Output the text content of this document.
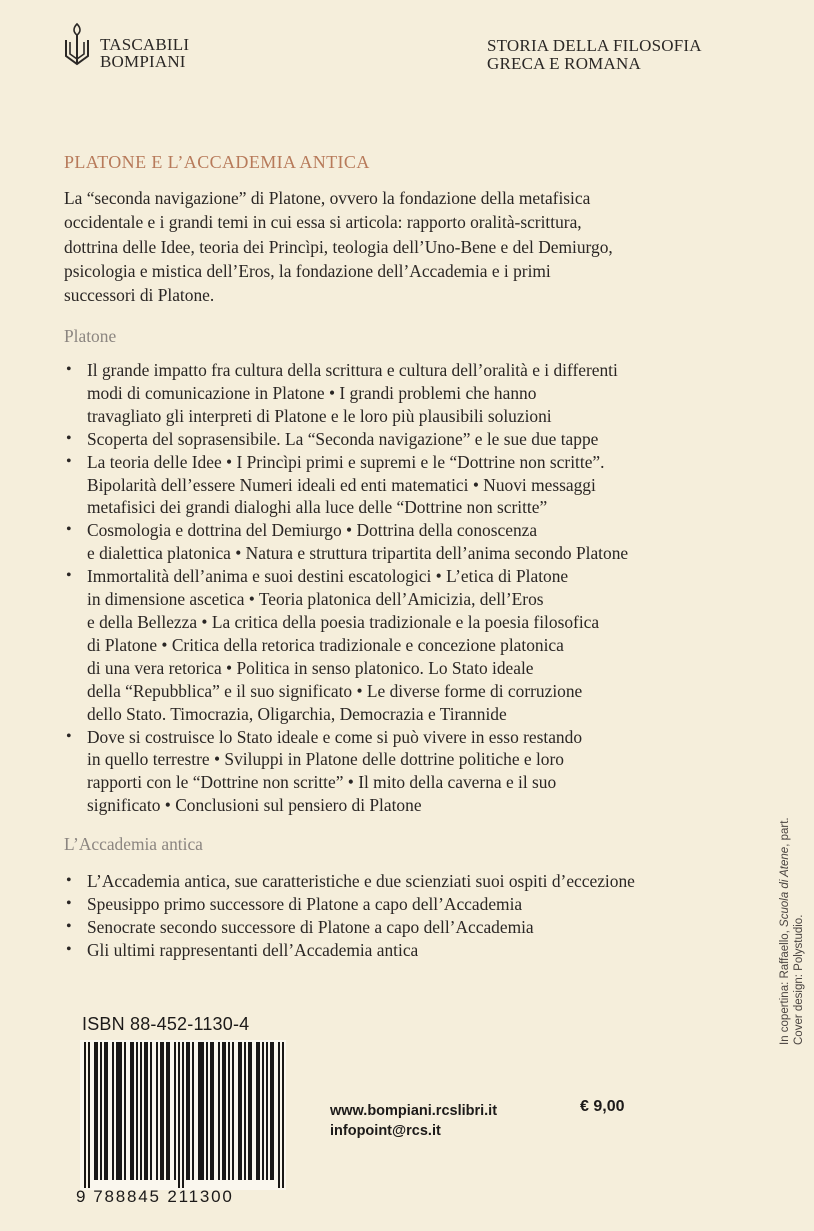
TASCABILI
BOMPIANI
STORIA DELLA FILOSOFIA
GRECA E ROMANA
PLATONE E L’ACCADEMIA ANTICA

La “seconda navigazione” di Platone, ovvero la fondazione della metafisica

occidentale e i grandi temi in cui essa si articola: rapporto oralità-scrittura,

dottrina delle Idee, teoria dei Princìpi, teologia dell’Uno-Bene e del Demiurgo,

psicologia e mistica dell’Eros, la fondazione dell’Accademia e i primi

successori di Platone.

Platone
• Il grande impatto fra cultura della scrittura e cultura dell’oralità e i differenti
modi di comunicazione in Platone • I grandi problemi che hanno
travagliato gli interpreti di Platone e le loro più plausibili soluzioni
• Scoperta del soprasensibile. La “Seconda navigazione” e le sue due tappe
• La teoria delle Idee • I Princìpi primi e supremi e le “Dottrine non scritte”.
Bipolarità dell’essere Numeri ideali ed enti matematici • Nuovi messaggi
metafisici dei grandi dialoghi alla luce delle “Dottrine non scritte”
• Cosmologia e dottrina del Demiurgo • Dottrina della conoscenza
e dialettica platonica • Natura e struttura tripartita dell’anima secondo Platone
• Immortalità dell’anima e suoi destini escatologici • L’etica di Platone
in dimensione ascetica • Teoria platonica dell’Amicizia, dell’Eros
e della Bellezza • La critica della poesia tradizionale e la poesia filosofica
di Platone • Critica della retorica tradizionale e concezione platonica
di una vera retorica • Politica in senso platonico. Lo Stato ideale
della “Repubblica” e il suo significato • Le diverse forme di corruzione
dello Stato. Timocrazia, Oligarchia, Democrazia e Tirannide
• Dove si costruisce lo Stato ideale e come si può vivere in esso restando
in quello terrestre • Sviluppi in Platone delle dottrine politiche e loro
rapporti con le “Dottrine non scritte” • Il mito della caverna e il suo
significato • Conclusioni sul pensiero di Platone
L’Accademia antica
• L’Accademia antica, sue caratteristiche e due scienziati suoi ospiti d’eccezione
• Speusippo primo successore di Platone a capo dell’Accademia
• Senocrate secondo successore di Platone a capo dell’Accademia
• Gli ultimi rappresentanti dell’Accademia antica	In copertina: Raffaello, Scuola di Atene, part.
Cover design: Polystudio.
ISBN 88-452-1130-4
9 788845 211300
www.bompiani.rcslibri.it
infopoint@rcs.it
€ 9,00
